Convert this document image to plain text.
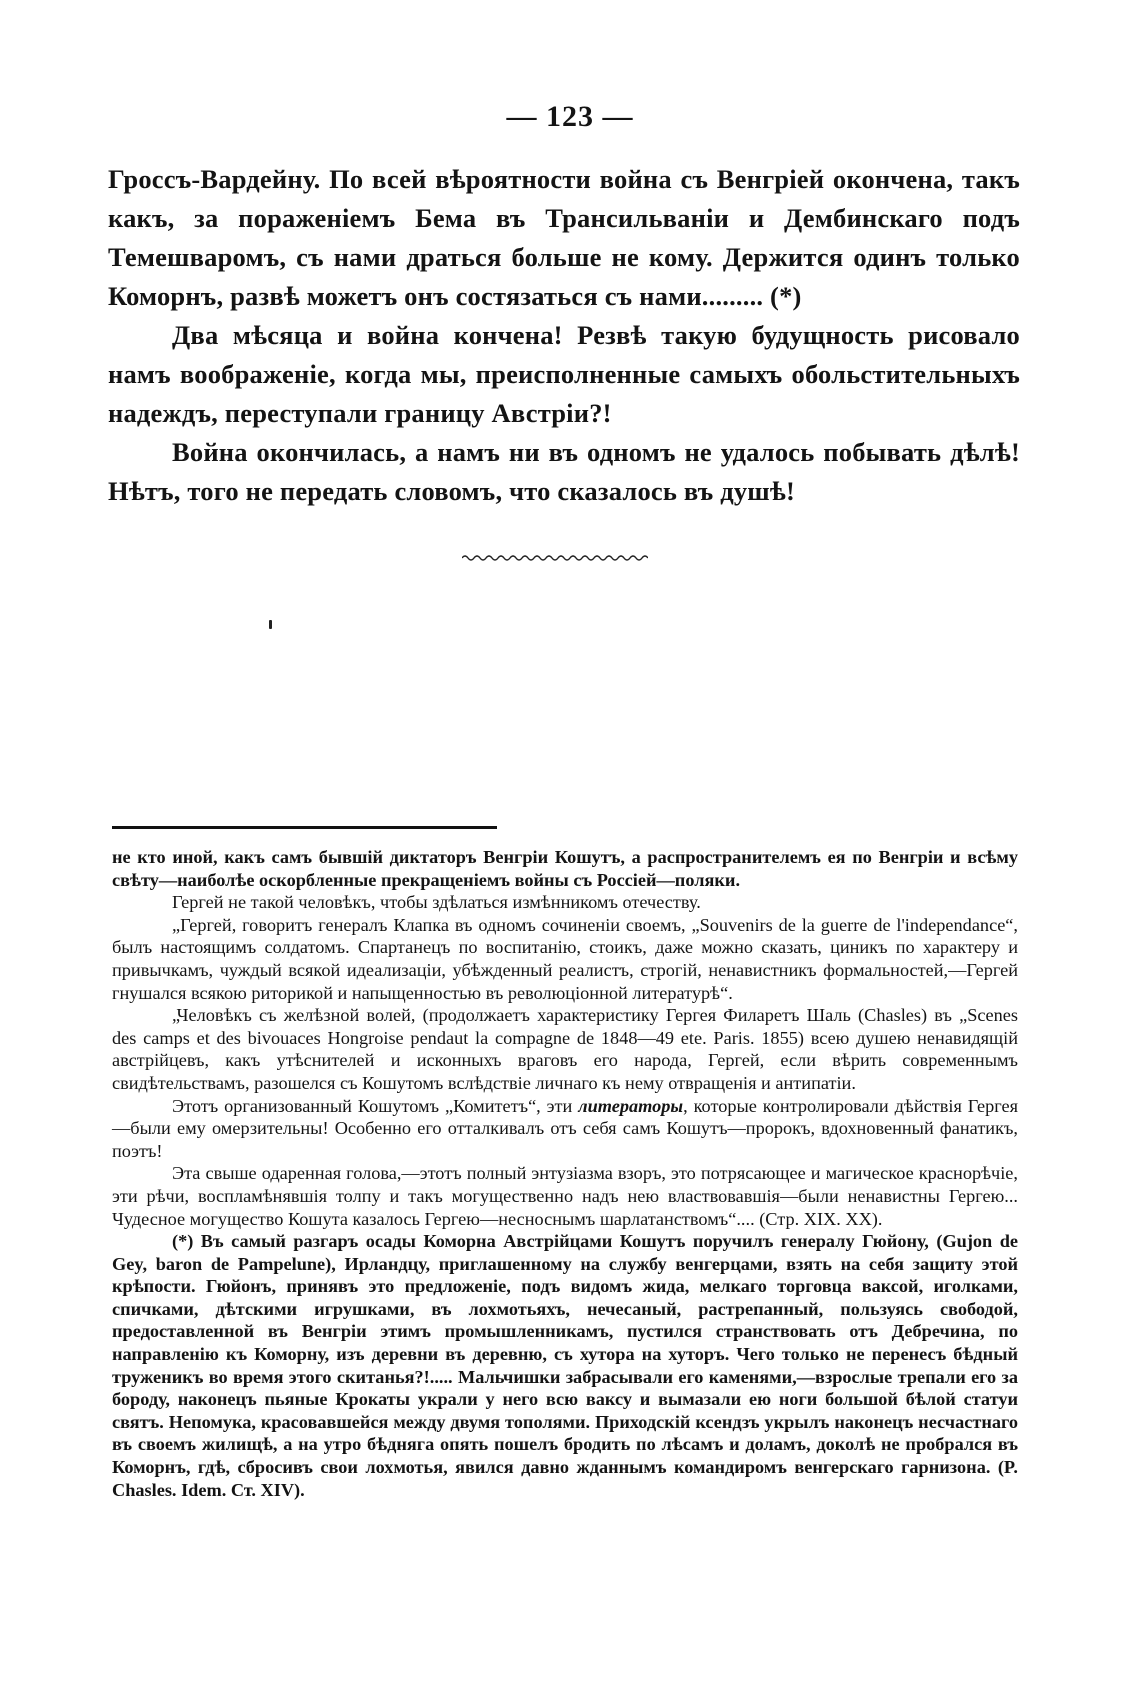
— 123 —

Гроссъ-Вардейну. По всей вѣроятности война съ Венгріей окончена, такъ какъ, за пораженіемъ Бема въ Трансильваніи и Дембинскаго подъ Темешваромъ, съ нами драться больше не кому. Держится одинъ только Коморнъ, развѣ можетъ онъ состязаться съ нами......... (*)

Два мѣсяца и война кончена! Резвѣ такую будущность рисовало намъ воображеніе, когда мы, преисполненные самыхъ обольстительныхъ надеждъ, переступали границу Австріи?!

Война окончилась, а намъ ни въ одномъ не удалось побывать дѣлѣ! Нѣтъ, того не передать словомъ, что сказалось въ душѣ!

не кто иной, какъ самъ бывшій диктаторъ Венгріи Кошутъ, а распространителемъ ея по Венгріи и всѣму свѣту—наиболѣе оскорбленные прекращеніемъ войны съ Россіей—поляки.

Гергей не такой человѣкъ, чтобы здѣлаться измѣнникомъ отечеству.

„Гергей, говоритъ генералъ Клапка въ одномъ сочиненіи своемъ, „Souvenirs de la guerre de l'independance“, былъ настоящимъ солдатомъ. Спартанецъ по воспитанію, стоикъ, даже можно сказать, циникъ по характеру и привычкамъ, чуждый всякой идеализаціи, убѣжденный реалистъ, строгій, ненавистникъ формальностей,—Гергей гнушался всякою риторикой и напыщенностью въ революціонной литературѣ“.

„Человѣкъ съ желѣзной волей, (продолжаетъ характеристику Гергея Филаретъ Шаль (Chasles) въ „Scenes des camps et des bivouaces Hongroise pendaut la compagne de 1848—49 ete. Paris. 1855) всею душею ненавидящій австрійцевъ, какъ утѣснителей и исконныхъ враговъ его народа, Гергей, если вѣрить современнымъ свидѣтельствамъ, разошелся съ Кошутомъ вслѣдствіе личнаго къ нему отвращенія и антипатіи.

Этотъ организованный Кошутомъ „Комитетъ“, эти литераторы, которые контролировали дѣйствія Гергея—были ему омерзительны! Особенно его отталкивалъ отъ себя самъ Кошутъ—пророкъ, вдохновенный фанатикъ, поэтъ!

Эта свыше одаренная голова,—этотъ полный энтузіазма взоръ, это потрясающее и магическое краснорѣчіе, эти рѣчи, воспламѣнявшія толпу и такъ могущественно надъ нею властвовавшія—были ненавистны Гергею... Чудесное могущество Кошута казалось Гергею—несноснымъ шарлатанствомъ“.... (Стр. XIX. XX).

(*) Въ самый разгаръ осады Коморна Австрійцами Кошутъ поручилъ генералу Гюйону, (Gujon de Gey, baron de Pampelune), Ирландцу, приглашенному на службу венгерцами, взять на себя защиту этой крѣпости. Гюйонъ, принявъ это предложеніе, подъ видомъ жида, мелкаго торговца ваксой, иголками, спичками, дѣтскими игрушками, въ лохмотьяхъ, нечесаный, растрепанный, пользуясь свободой, предоставленной въ Венгріи этимъ промышленникамъ, пустился странствовать отъ Дебречина, по направленію къ Коморну, изъ деревни въ деревню, съ хутора на хуторъ. Чего только не перенесъ бѣдный труженикъ во время этого скитанья?!..... Мальчишки забрасывали его каменями,—взрослые трепали его за бороду, наконецъ пьяные Крокаты украли у него всю ваксу и вымазали ею ноги большой бѣлой статуи святъ. Непомука, красовавшейся между двумя тополями. Приходскій ксендзъ укрылъ наконецъ несчастнаго въ своемъ жилищѣ, а на утро бѣдняга опять пошелъ бродить по лѣсамъ и доламъ, доколѣ не пробрался въ Коморнъ, гдѣ, сбросивъ свои лохмотья, явился давно жданнымъ командиромъ венгерскаго гарнизона. (P. Chasles. Idem. Ст. XIV).
